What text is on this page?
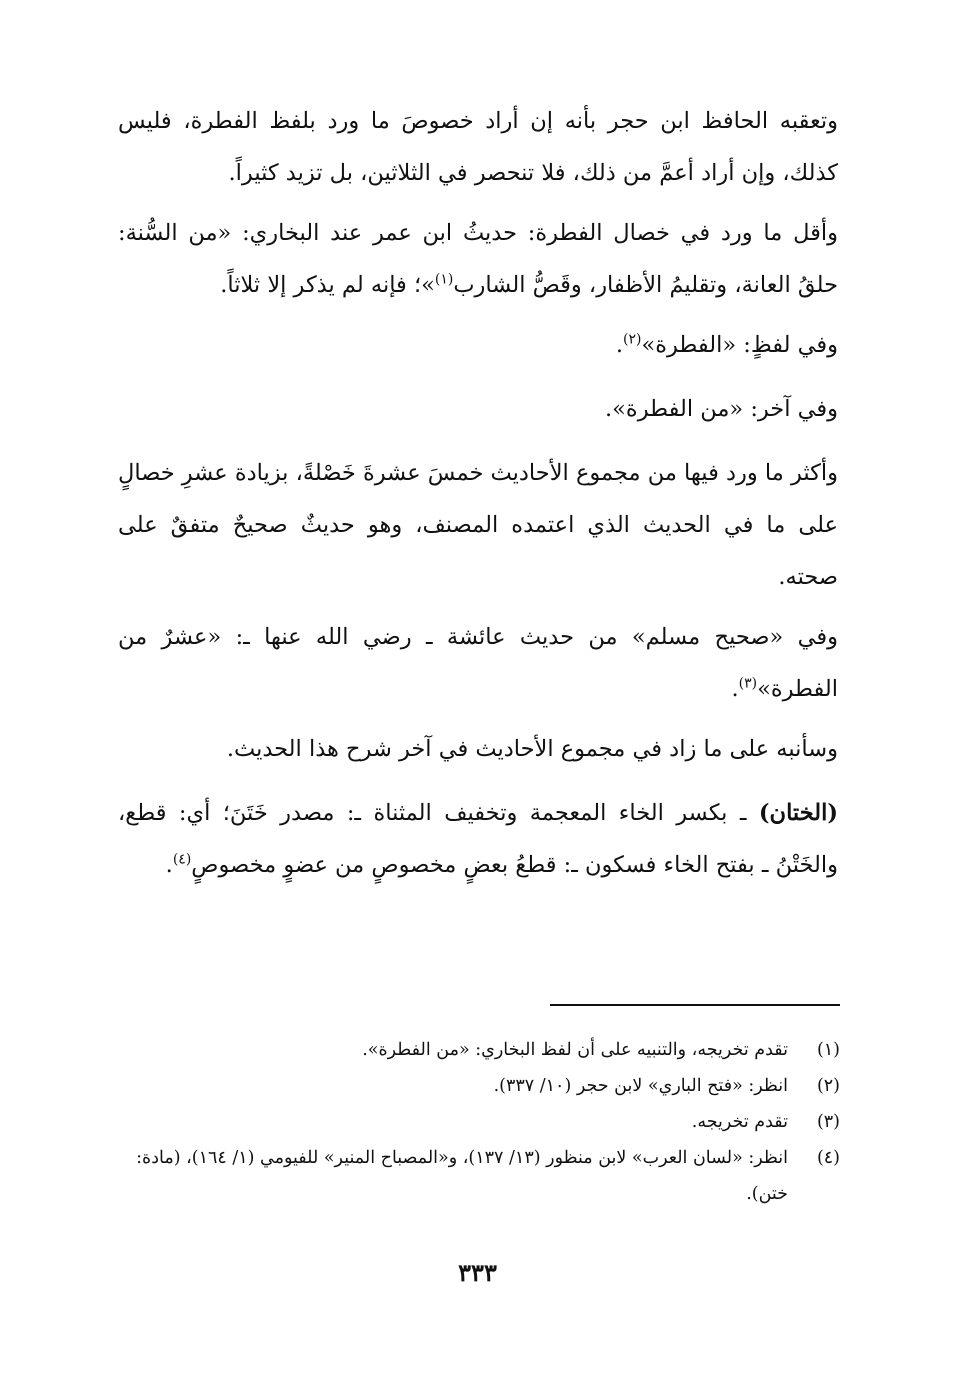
وتعقبه الحافظ ابن حجر بأنه إن أراد خصوصَ ما ورد بلفظ الفطرة، فليس كذلك، وإن أراد أعمَّ من ذلك، فلا تنحصر في الثلاثين، بل تزيد كثيراً.

وأقل ما ورد في خصال الفطرة: حديثُ ابن عمر عند البخاري: «من السُّنة: حلقُ العانة، وتقليمُ الأظفار، وقَصُّ الشارب$^{(١)}$»؛ فإنه لم يذكر إلا ثلاثاً.

وفي لفظٍ: «الفطرة»$^{(٢)}$.

وفي آخر: «من الفطرة».

وأكثر ما ورد فيها من مجموع الأحاديث خمسَ عشرةَ خَصْلةً، بزيادة عشرِ خصالٍ على ما في الحديث الذي اعتمده المصنف، وهو حديثٌ صحيحٌ متفقٌ على صحته.

وفي «صحيح مسلم» من حديث عائشة ـ رضي الله عنها ـ: «عشرٌ من الفطرة»$^{(٣)}$.

وسأنبه على ما زاد في مجموع الأحاديث في آخر شرح هذا الحديث.

(الختان) ـ بكسر الخاء المعجمة وتخفيف المثناة ـ: مصدر خَتَنَ؛ أي: قطع، والخَتْنُ ـ بفتح الخاء فسكون ـ: قطعُ بعضٍ مخصوصٍ من عضوٍ مخصوصٍ$^{(٤)}$.

(١)
تقدم تخريجه، والتنبيه على أن لفظ البخاري: «من الفطرة».
(٢)
انظر: «فتح الباري» لابن حجر (١٠/ ٣٣٧).
(٣)
تقدم تخريجه.
(٤)
انظر: «لسان العرب» لابن منظور (١٣/ ١٣٧)، و«المصباح المنير» للفيومي (١/ ١٦٤)، (مادة: ختن).
٣٣٣
